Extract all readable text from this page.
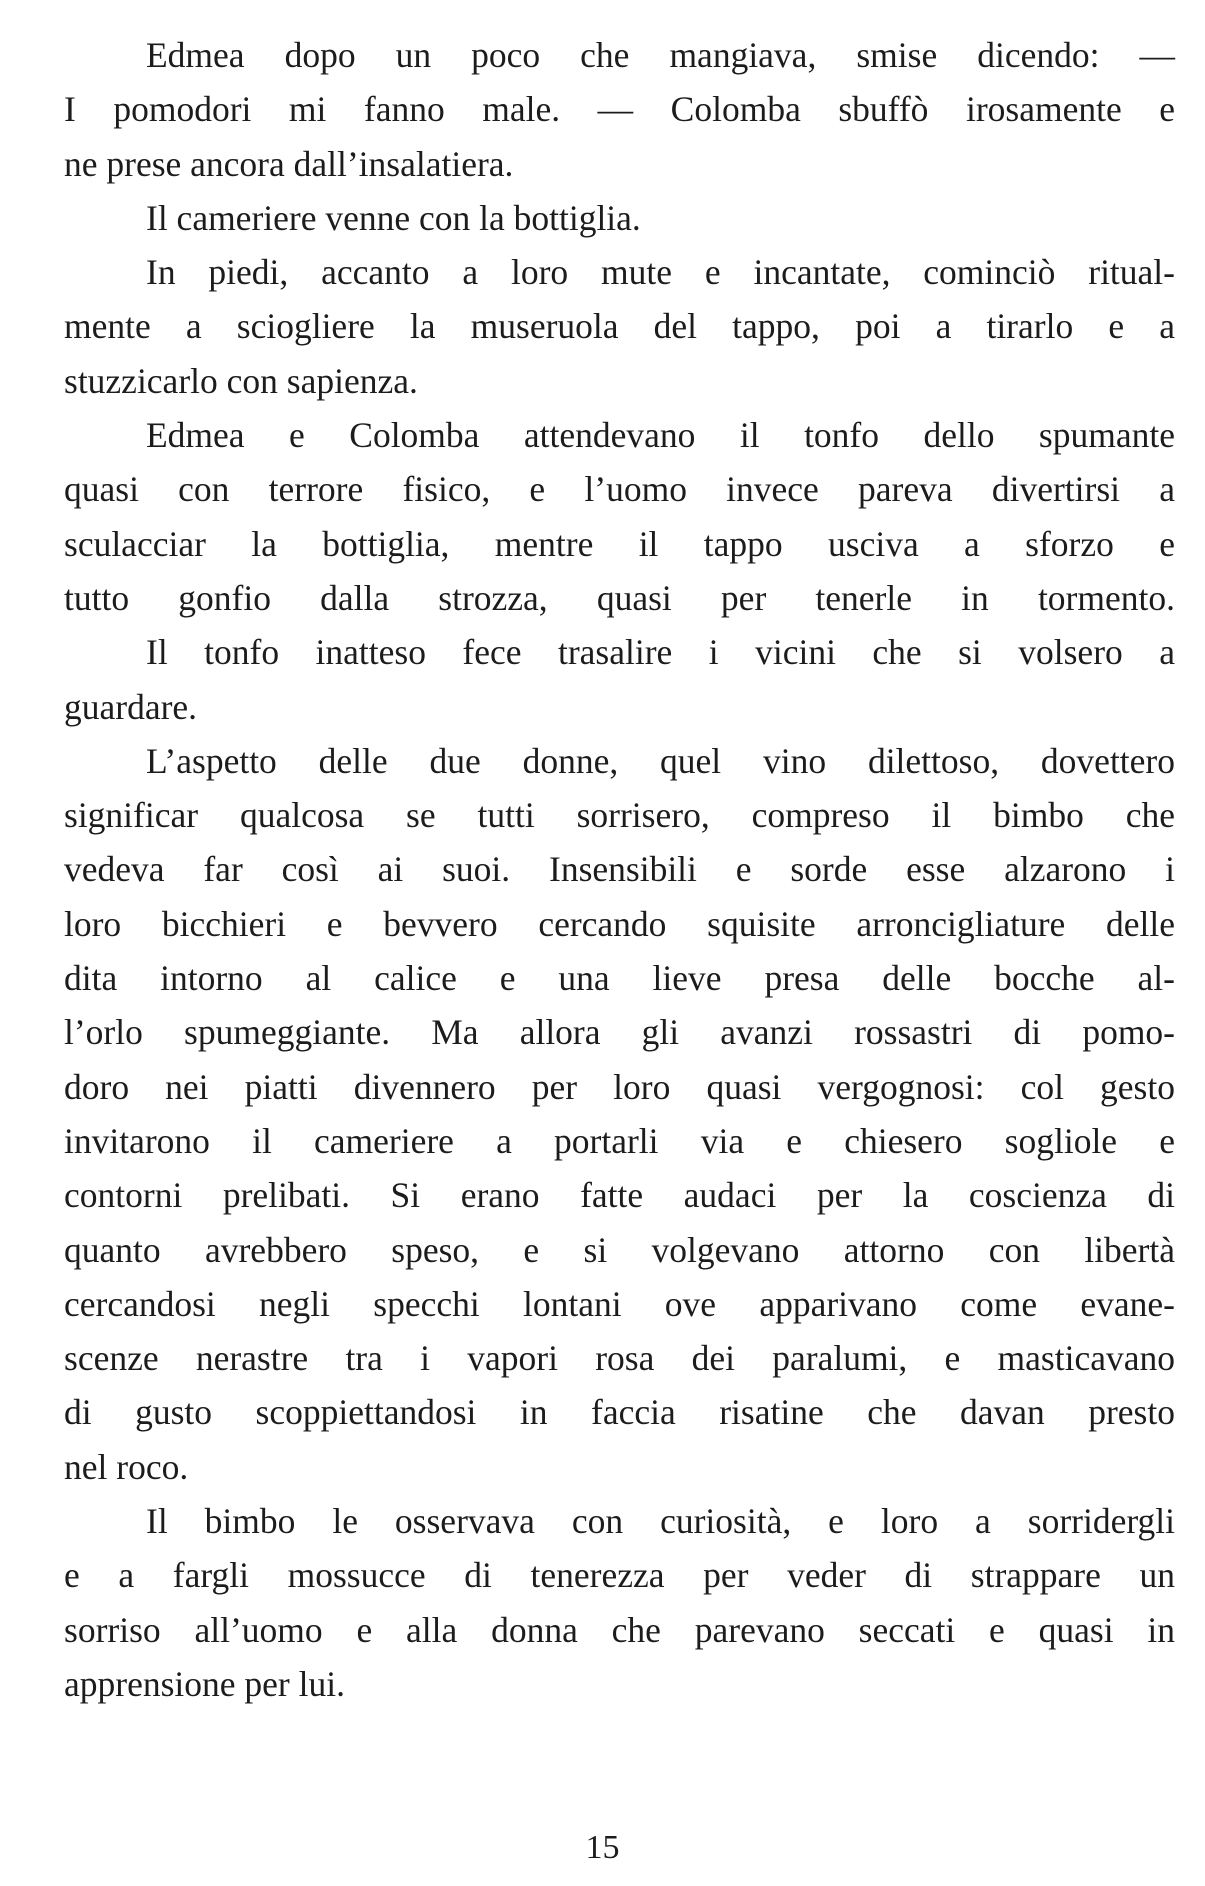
Edmea dopo un poco che mangiava, smise dicendo: —
I pomodori mi fanno male. — Colomba sbuffò irosamente e
ne prese ancora dall’insalatiera.
Il cameriere venne con la bottiglia.
In piedi, accanto a loro mute e incantate, cominciò ritual-
mente a sciogliere la museruola del tappo, poi a tirarlo e a
stuzzicarlo con sapienza.
Edmea e Colomba attendevano il tonfo dello spumante
quasi con terrore fisico, e l’uomo invece pareva divertirsi a
sculacciar la bottiglia, mentre il tappo usciva a sforzo e
tutto gonfio dalla strozza, quasi per tenerle in tormento.
Il tonfo inatteso fece trasalire i vicini che si volsero a
guardare.
L’aspetto delle due donne, quel vino dilettoso, dovettero
significar qualcosa se tutti sorrisero, compreso il bimbo che
vedeva far così ai suoi. Insensibili e sorde esse alzarono i
loro bicchieri e bevvero cercando squisite arroncigliature delle
dita intorno al calice e una lieve presa delle bocche al-
l’orlo spumeggiante. Ma allora gli avanzi rossastri di pomo-
doro nei piatti divennero per loro quasi vergognosi: col gesto
invitarono il cameriere a portarli via e chiesero sogliole e
contorni prelibati. Si erano fatte audaci per la coscienza di
quanto avrebbero speso, e si volgevano attorno con libertà
cercandosi negli specchi lontani ove apparivano come evane-
scenze nerastre tra i vapori rosa dei paralumi, e masticavano
di gusto scoppiettandosi in faccia risatine che davan presto
nel roco.
Il bimbo le osservava con curiosità, e loro a sorridergli
e a fargli mossucce di tenerezza per veder di strappare un
sorriso all’uomo e alla donna che parevano seccati e quasi in
apprensione per lui.
15
